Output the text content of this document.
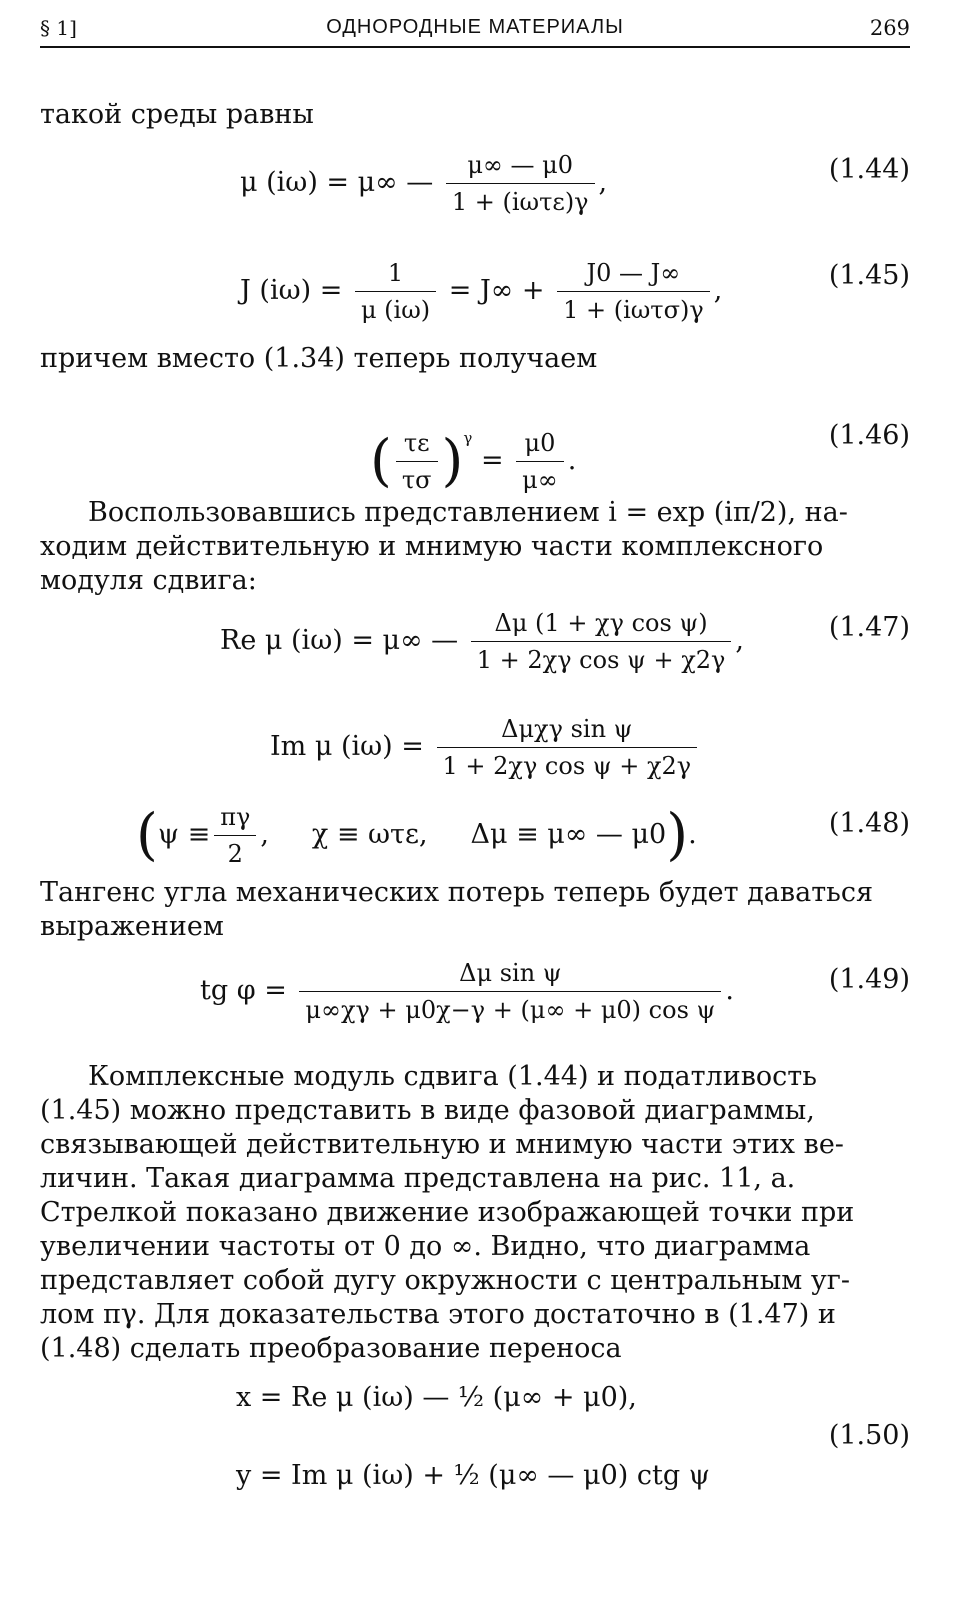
§ 1]	ОДНОРОДНЫЕ МАТЕРИАЛЫ	269
такой среды равны
μ (iω) = μ∞ — $\frac{\mu\infty — \mu 0}{\text{1 + (iωτε)γ}}$ ,	(1.44)
J $(i\omega) = \frac{1}{\mu (i\omega)} = J\infty + \frac{J0 — J\infty}{\text{1 + (iωτσ)γ}}$ ,	(1.45)
причем вместо (1.34) теперь получаем
( $\frac{\tau\varepsilon}{\tau\sigma} )^\gamma = \frac{\mu 0}{\mu\infty}$ .
(1.46)
Воспользовавшись представлением i = exp (iπ/2), на-
ходим действительную и мнимую части комплексного
модуля сдвига:
Re μ (iω) = μ∞ — $\frac{\text{Δμ (1 + χγ cos ψ)}}{\text{1 + 2χγ cos ψ + χ2γ}}$ ,	(1.47)
Im μ $(i\omega) = \frac{\text{Δμχγ sin ψ}}{\text{1 + 2χγ cos ψ + χ2γ}}$
($\psi \equiv \frac{\pi\gamma}{2}$ ,     χ ≡ ωτε,     Δμ ≡ μ∞ — μ0).	(1.48)
Тангенс угла механических потерь теперь будет даваться
выражением
tg $\varphi = \frac{\text{Δμ sin ψ}}{\text{μ∞χγ + μ0χ−γ + (μ∞ + μ0) cos ψ}}$ .	(1.49)
Комплексные модуль сдвига (1.44) и податливость
(1.45) можно представить в виде фазовой диаграммы,
связывающей действительную и мнимую части этих ве-
личин. Такая диаграмма представлена на рис. 11, а.
Стрелкой показано движение изображающей точки при
увеличении частоты от 0 до ∞. Видно, что диаграмма
представляет собой дугу окружности с центральным уг-
лом πγ. Для доказательства этого достаточно в (1.47) и
(1.48) сделать преобразование переноса
x = Re μ (iω) — ½ (μ∞ + μ0),
(1.50)
y = Im μ (iω) + ½ (μ∞ — μ0) ctg ψ
